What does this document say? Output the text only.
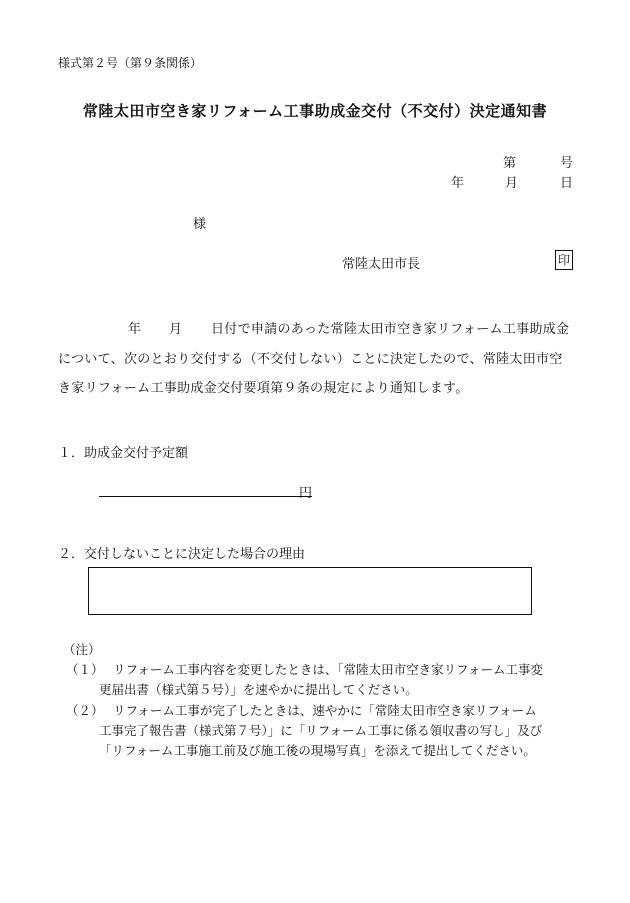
様式第２号（第９条関係）
常陸太田市空き家リフォーム工事助成金交付（不交付）決定通知書
第	号
年	月	日
様
常陸太田市長	印
年 月 日付で申請のあった常陸太田市空き家リフォーム工事助成金
について、次のとおり交付する（不交付しない）ことに決定したので、常陸太田市空
き家リフォーム工事助成金交付要項第９条の規定により通知します。
１．助成金交付予定額
円
２．交付しないことに決定した場合の理由
（注）
（１） リフォーム工事内容を変更したときは、「常陸太田市空き家リフォーム工事変
更届出書（様式第５号）」を速やかに提出してください。
（２） リフォーム工事が完了したときは、速やかに「常陸太田市空き家リフォーム
工事完了報告書（様式第７号）」に「リフォーム工事に係る領収書の写し」及び
「リフォーム工事施工前及び施工後の現場写真」を添えて提出してください。
